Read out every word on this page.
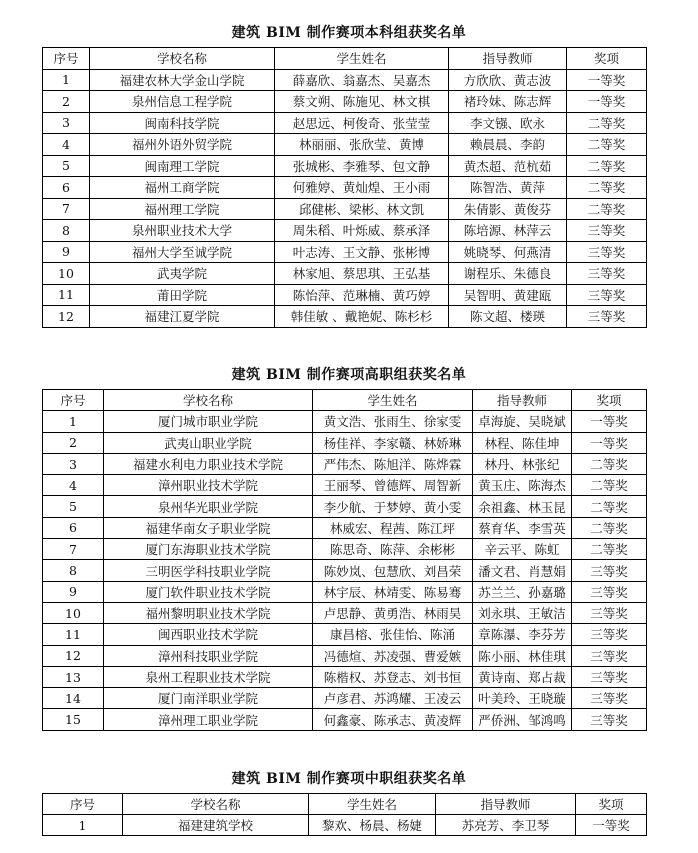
建筑 BIM 制作赛项本科组获奖名单
序号	学校名称	学生姓名	指导教师	奖项
1	福建农林大学金山学院	薛嘉欣、翁嘉杰、吴嘉杰	方欣欣、黄志波	一等奖
2	泉州信息工程学院	蔡文朔、陈施见、林文棋	褚玲妹、陈志辉	一等奖
3	闽南科技学院	赵思远、柯俊奇、张莹莹	李文镪、欧永	二等奖
4	福州外语外贸学院	林丽丽、张欣莹、黄博	赖晨晨、李韵	二等奖
5	闽南理工学院	张城彬、李雅琴、包文静	黄杰超、范杭茹	二等奖
6	福州工商学院	何雅婷、黄灿煌、王小雨	陈智浩、黄萍	二等奖
7	福州理工学院	邱健彬、梁彬、林文凯	朱倩影、黄俊芬	二等奖
8	泉州职业技术大学	周朱稻、叶烁威、蔡承泽	陈培源、林萍云	三等奖
9	福州大学至诚学院	叶志涛、王文静、张彬博	姚晓琴、何燕清	三等奖
10	武夷学院	林家旭、蔡思琪、王弘基	谢程乐、朱德良	三等奖
11	莆田学院	陈怡萍、范琳楠、黄巧婷	吴智明、黄建瓯	三等奖
12	福建江夏学院	韩佳敏 、戴艳妮、陈杉杉	陈文超、楼瑛	三等奖
建筑 BIM 制作赛项高职组获奖名单
序号	学校名称	学生姓名	指导教师	奖项
1	厦门城市职业学院	黄文浩、张雨生、徐家雯	卓海旋、吴晓斌	一等奖
2	武夷山职业学院	杨佳祥、李家赣、林娇琳	林程、陈佳坤	一等奖
3	福建水利电力职业技术学院	严伟杰、陈旭洋、陈烨霖	林丹、林张纪	二等奖
4	漳州职业技术学院	王丽琴、曾德辉、周智新	黄玉庄、陈海杰	二等奖
5	泉州华光职业学院	李少航、于梦婷、黄小雯	余祖鑫、林玉昆	二等奖
6	福建华南女子职业学院	林威宏、程茜、陈江坪	蔡育华、李雪英	二等奖
7	厦门东海职业技术学院	陈思奇、陈萍、余彬彬	辛云平、陈虹	二等奖
8	三明医学科技职业学院	陈妙岚、包慧欣、刘昌荣	潘文君、肖慧娟	三等奖
9	厦门软件职业技术学院	林宇辰、林靖雯、陈易骞	苏兰兰、孙嘉璐	三等奖
10	福州黎明职业技术学院	卢思静、黄勇浩、林雨昊	刘永琪、王敏洁	三等奖
11	闽西职业技术学院	康昌榕、张佳怡、陈涌	章陈瀑、李芬芳	三等奖
12	漳州科技职业学院	冯德煊、苏凌强、曹爱嫉	陈小丽、林佳琪	三等奖
13	泉州工程职业技术学院	陈楷权、苏登志、刘书恒	黄诗南、郑占裁	三等奖
14	厦门南洋职业学院	卢彦君、苏鸿耀、王凌云	叶美玲、王晓璇	三等奖
15	漳州理工职业学院	何鑫豪、陈承志、黄凌辉	严侨洲、邹鸿鸣	三等奖
建筑 BIM 制作赛项中职组获奖名单
序号	学校名称	学生姓名	指导教师	奖项
1	福建建筑学校	黎欢、杨晨、杨婕	苏亮芳、李卫琴	一等奖
